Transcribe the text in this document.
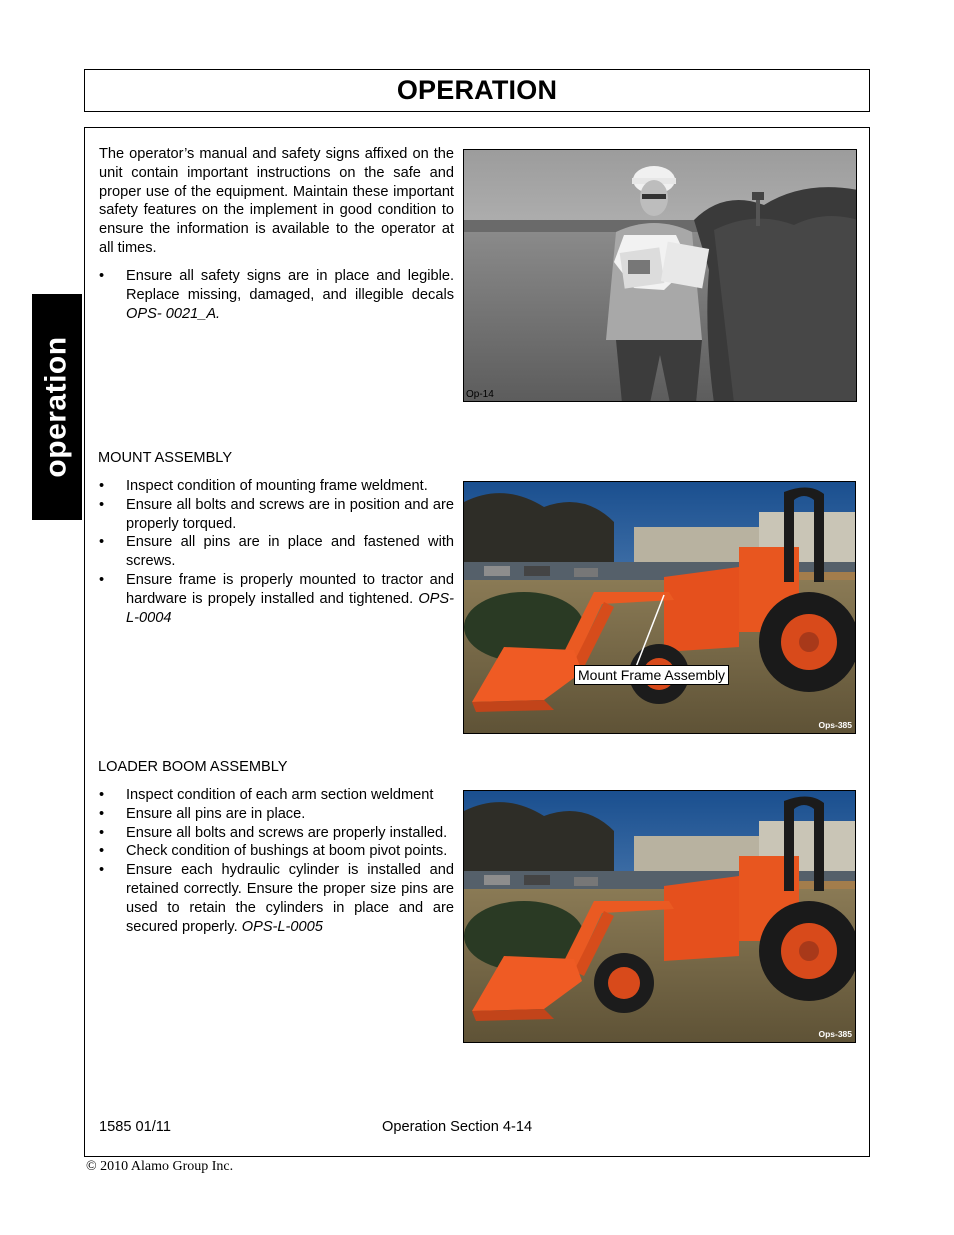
OPERATION
operation

The operator’s manual and safety signs affixed on the unit contain important instructions on the safe and proper use of the equipment. Maintain these important safety features on the implement in good condition to ensure the information is available to the operator at all times.

• Ensure all safety signs are in place and legible. Replace missing, damaged, and illegible decals OPS- 0021_A.
MOUNT ASSEMBLY
• Inspect condition of mounting frame weldment.
• Ensure all bolts and screws are in position and are properly torqued.
• Ensure all pins are in place and fastened with screws.
• Ensure frame is properly mounted to tractor and hardware is propely installed and tightened. OPS-L-0004
LOADER BOOM ASSEMBLY
• Inspect condition of each arm section weldment
• Ensure all pins are in place.
• Ensure all bolts and screws are properly installed.
• Check condition of bushings at boom pivot points.
• Ensure each hydraulic cylinder is installed and retained correctly. Ensure the proper size pins are used to retain the cylinders in place and are secured properly. OPS-L-0005
Op-14
Mount Frame Assembly
Ops-385
Ops-385
1585 01/11	Operation Section 4-14
© 2010 Alamo Group Inc.
